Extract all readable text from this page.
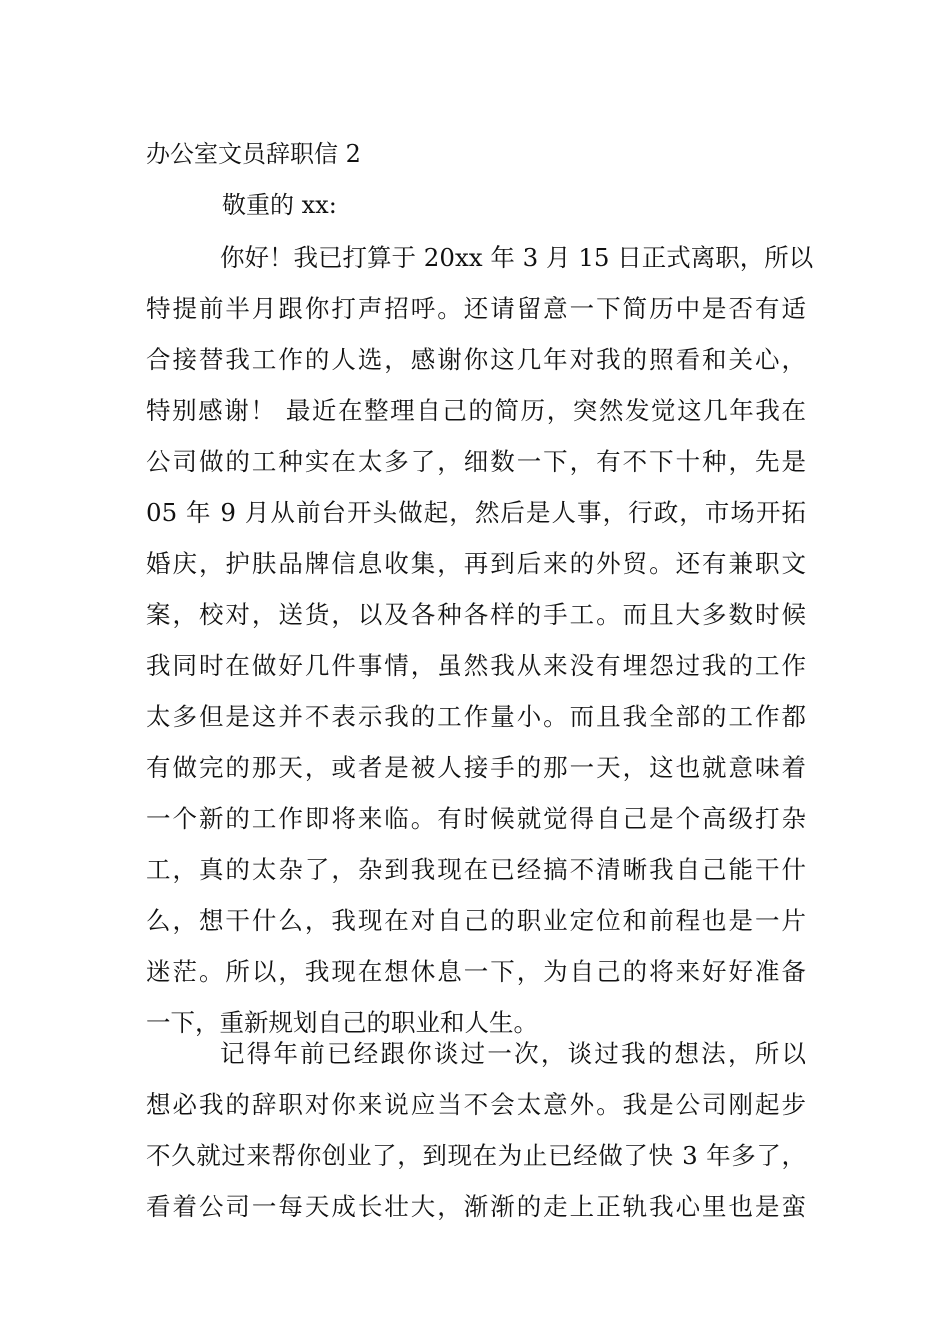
办公室文员辞职信 2
敬重的 xx:
你好！我已打算于 20xx 年 3 月 15 日正式离职，所以
特提前半月跟你打声招呼。还请留意一下简历中是否有适
合接替我工作的人选，感谢你这几年对我的照看和关心，
特别感谢！ 最近在整理自己的简历，突然发觉这几年我在
公司做的工种实在太多了，细数一下，有不下十种，先是
05 年 9 月从前台开头做起，然后是人事，行政，市场开拓
婚庆，护肤品牌信息收集，再到后来的外贸。还有兼职文
案，校对，送货，以及各种各样的手工。而且大多数时候
我同时在做好几件事情，虽然我从来没有埋怨过我的工作
太多但是这并不表示我的工作量小。而且我全部的工作都
有做完的那天，或者是被人接手的那一天，这也就意味着
一个新的工作即将来临。有时候就觉得自己是个高级打杂
工，真的太杂了，杂到我现在已经搞不清晰我自己能干什
么，想干什么，我现在对自己的职业定位和前程也是一片
迷茫。所以，我现在想休息一下，为自己的将来好好准备
一下，重新规划自己的职业和人生。
记得年前已经跟你谈过一次，谈过我的想法，所以
想必我的辞职对你来说应当不会太意外。我是公司刚起步
不久就过来帮你创业了，到现在为止已经做了快 3 年多了，
看着公司一每天成长壮大，渐渐的走上正轨我心里也是蛮
